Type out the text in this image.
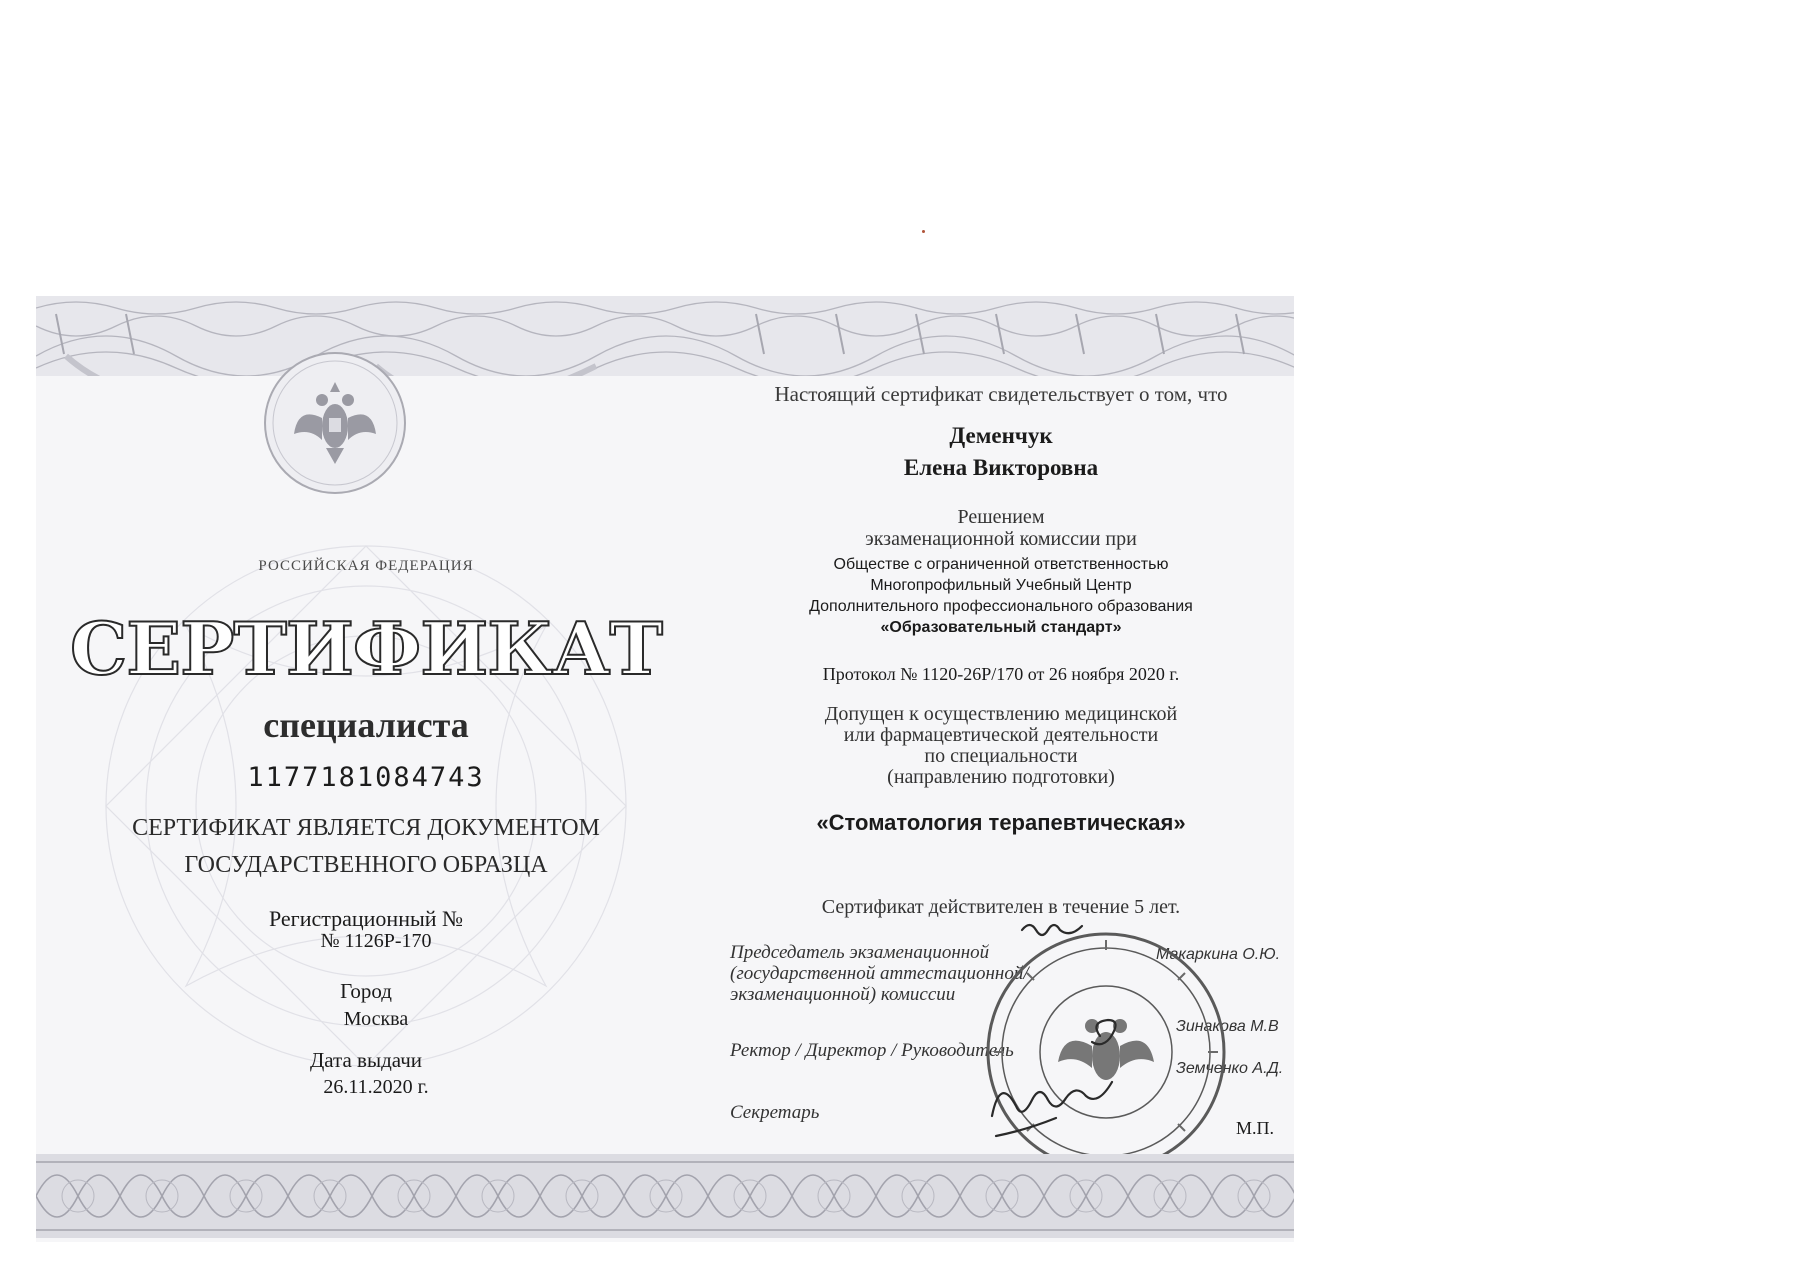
РОССИЙСКАЯ ФЕДЕРАЦИЯ
СЕРТИФИКАТ
специалиста
1177181084743
СЕРТИФИКАТ ЯВЛЯЕТСЯ ДОКУМЕНТОМ
ГОСУДАРСТВЕННОГО ОБРАЗЦА
Регистрационный №
№ 1126Р-170
Город
Москва
Дата выдачи
26.11.2020 г.
Настоящий сертификат свидетельствует о том, что
Деменчук
Елена Викторовна
Решением
экзаменационной комиссии при
Обществе с ограниченной ответственностью
Многопрофильный Учебный Центр
Дополнительного профессионального образования
«Образовательный стандарт»
Протокол № 1120-26Р/170 от 26 ноября 2020 г.
Допущен к осуществлению медицинской
или фармацевтической деятельности
по специальности
(направлению подготовки)
«Стоматология терапевтическая»
Сертификат действителен в течение 5 лет.
Председатель экзаменационной
(государственной аттестационной/
экзаменационной) комиссии
Ректор / Директор / Руководитель
Секретарь
Макаркина О.Ю.
Зинакова М.В
Земченко А.Д.
М.П.
